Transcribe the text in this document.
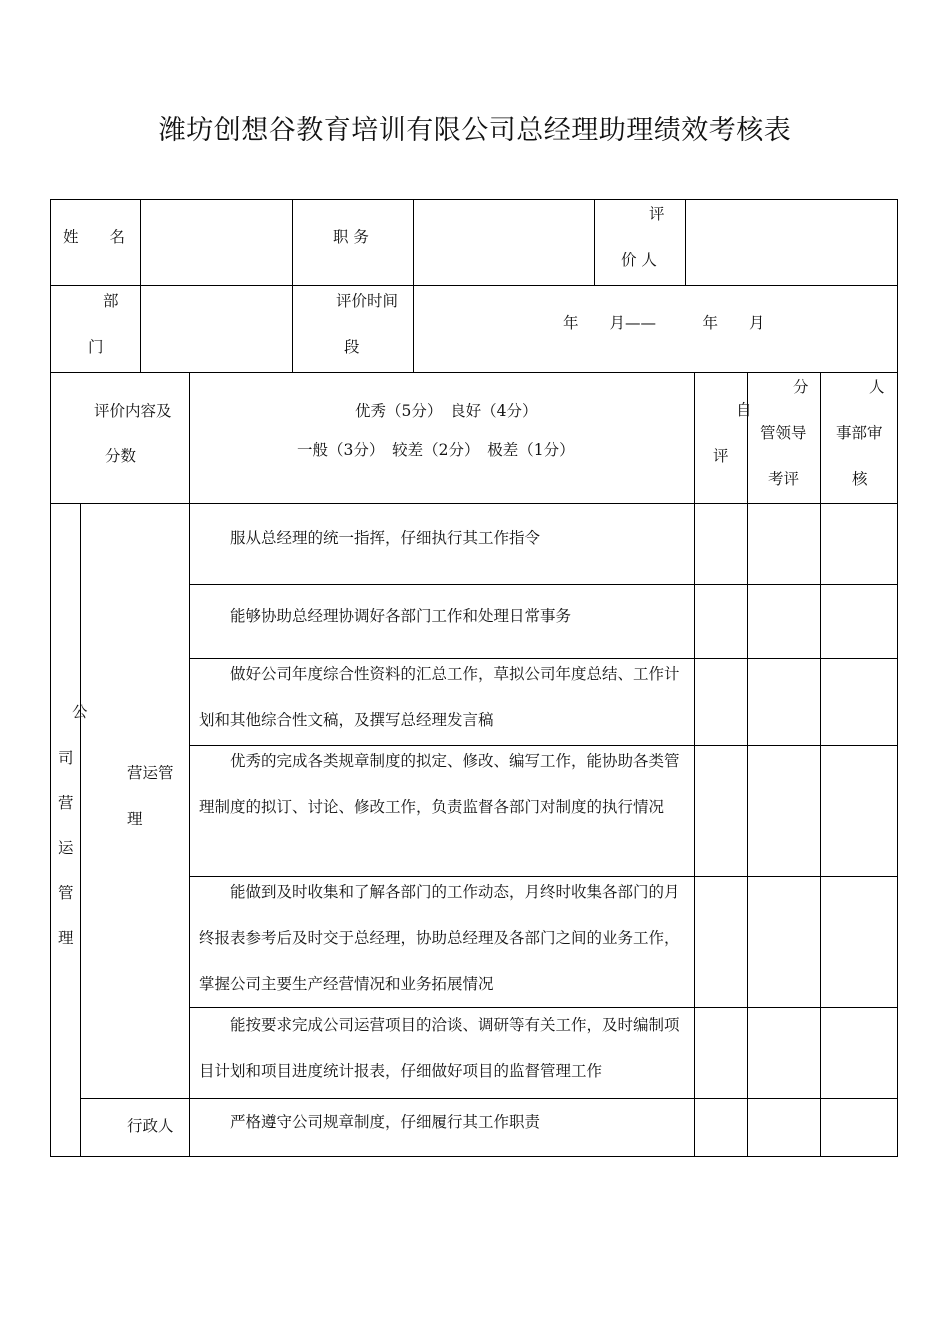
潍坊创想谷教育培训有限公司总经理助理绩效考核表
姓　　名	职 务
评
价 人
部
门
评价时间
段
年　　月——　　　年　　月
评价内容及
分数
优秀（5分）　良好（4分）
一般（3分）　较差（2分）　极差（1分）
自
评
分
管领导
考评
人
事部审
核
公
司
营
运
管
理
营运管
理
行政人
服从总经理的统一指挥，仔细执行其工作指令
能够协助总经理协调好各部门工作和处理日常事务
做好公司年度综合性资料的汇总工作，草拟公司年度总结、工作计划和其他综合性文稿，及撰写总经理发言稿
优秀的完成各类规章制度的拟定、修改、编写工作，能协助各类管理制度的拟订、讨论、修改工作，负责监督各部门对制度的执行情况
能做到及时收集和了解各部门的工作动态，月终时收集各部门的月终报表参考后及时交于总经理，协助总经理及各部门之间的业务工作，掌握公司主要生产经营情况和业务拓展情况
能按要求完成公司运营项目的洽谈、调研等有关工作，及时编制项目计划和项目进度统计报表，仔细做好项目的监督管理工作
严格遵守公司规章制度，仔细履行其工作职责
